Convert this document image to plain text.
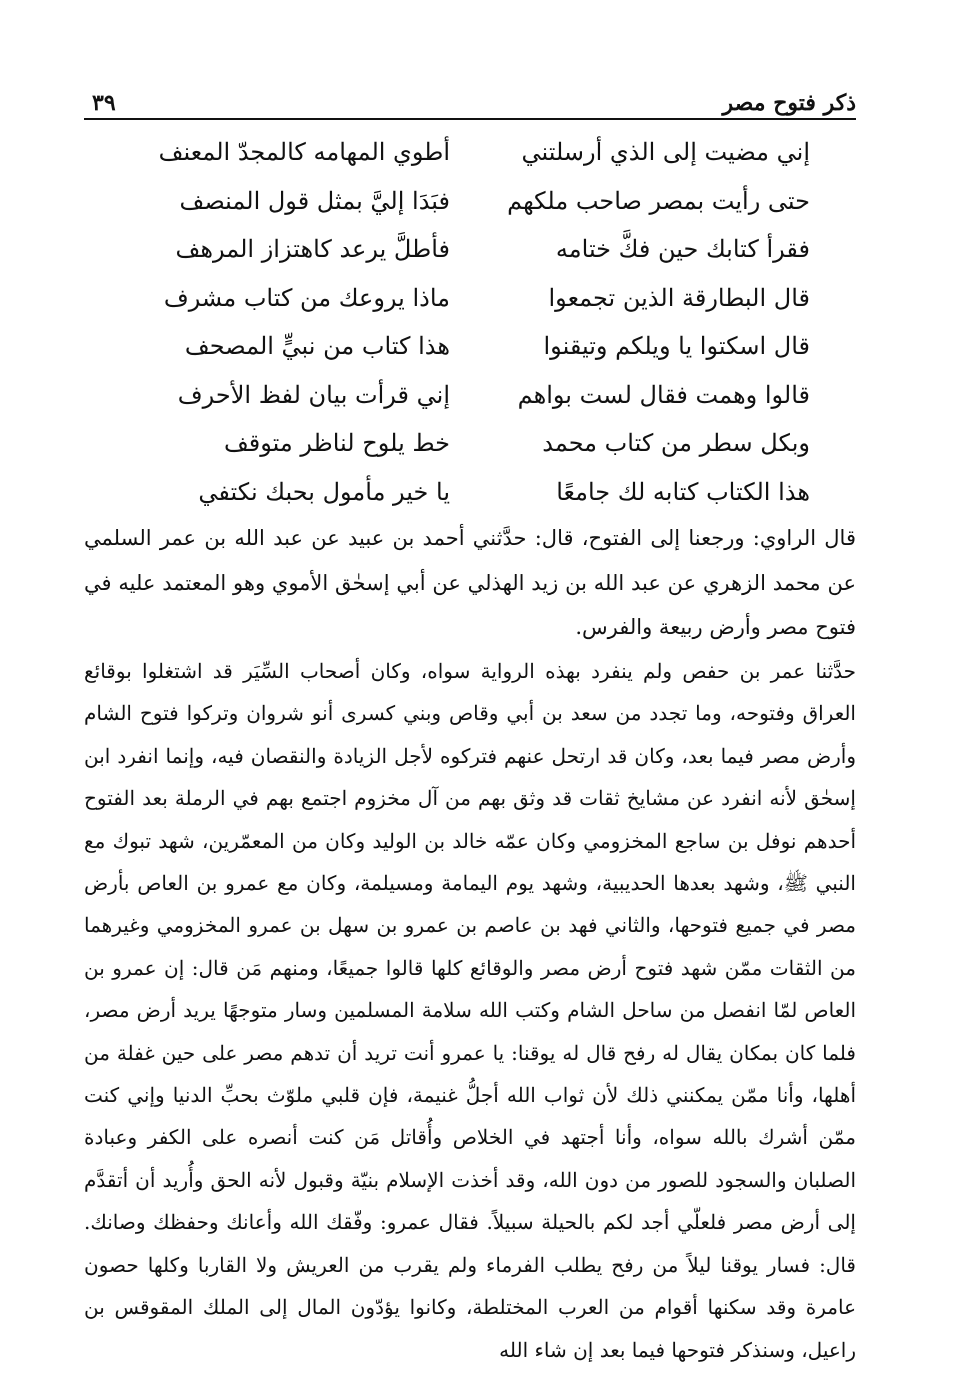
ذكر فتوح مصر
٣٩
إني مضيت إلى الذي أرسلتني
أطوي المهامه كالمجدّ المعنف
حتى رأيت بمصر صاحب ملكهم
فبَدَا إليَّ بمثل قول المنصف
فقرأ كتابك حين فكَّ ختامه
فأطلَّ يرعد كاهتزاز المرهف
قال البطارقة الذين تجمعوا
ماذا يروعك من كتاب مشرف
قال اسكتوا يا ويلكم وتيقنوا
هذا كتاب من نبيٍّ المصحف
قالوا وهمت فقال لست بواهم
إني قرأت بيان لفظ الأحرف
وبكل سطر من كتاب محمد
خط يلوح لناظر متوقف
هذا الكتاب كتابه لك جامعًا
يا خير مأمول بحبك نكتفي

قال الراوي: ورجعنا إلى الفتوح، قال: حدَّثني أحمد بن عبيد عن عبد الله بن عمر السلمي عن محمد الزهري عن عبد الله بن زيد الهذلي عن أبي إسحٰق الأموي وهو المعتمد عليه في فتوح مصر وأرض ربيعة والفرس.

حدَّثنا عمر بن حفص ولم ينفرد بهذه الرواية سواه، وكان أصحاب السِّيَر قد اشتغلوا بوقائع العراق وفتوحه، وما تجدد من سعد بن أبي وقاص وبني كسرى أنو شروان وتركوا فتوح الشام وأرض مصر فيما بعد، وكان قد ارتحل عنهم فتركوه لأجل الزيادة والنقصان فيه، وإنما انفرد ابن إسحٰق لأنه انفرد عن مشايخ ثقات قد وثق بهم من آل مخزوم اجتمع بهم في الرملة بعد الفتوح أحدهم نوفل بن ساجع المخزومي وكان عمّه خالد بن الوليد وكان من المعمّرين، شهد تبوك مع النبي ﷺ، وشهد بعدها الحديبية، وشهد يوم اليمامة ومسيلمة، وكان مع عمرو بن العاص بأرض مصر في جميع فتوحها، والثاني فهد بن عاصم بن عمرو بن سهل بن عمرو المخزومي وغيرهما من الثقات ممّن شهد فتوح أرض مصر والوقائع كلها قالوا جميعًا، ومنهم مَن قال: إن عمرو بن العاص لمّا انفصل من ساحل الشام وكتب الله سلامة المسلمين وسار متوجهًا يريد أرض مصر، فلما كان بمكان يقال له رفح قال له يوقنا: يا عمرو أنت تريد أن تدهم مصر على حين غفلة من أهلها، وأنا ممّن يمكنني ذلك لأن ثواب الله أجلُّ غنيمة، فإن قلبي ملوّث بحبِّ الدنيا وإني كنت ممّن أشرك بالله سواه، وأنا أجتهد في الخلاص وأُقاتل مَن كنت أنصره على الكفر وعبادة الصلبان والسجود للصور من دون الله، وقد أخذت الإسلام بنيّة وقبول لأنه الحق وأُريد أن أتقدَّم إلى أرض مصر فلعلّي أجد لكم بالحيلة سبيلاً. فقال عمرو: وفّقك الله وأعانك وحفظك وصانك. قال: فسار يوقنا ليلاً من رفح يطلب الفرماء ولم يقرب من العريش ولا القاربا وكلها حصون عامرة وقد سكنها أقوام من العرب المختلطة، وكانوا يؤدّون المال إلى الملك المقوقس بن راعيل، وسنذكر فتوحها فيما بعد إن شاء الله
